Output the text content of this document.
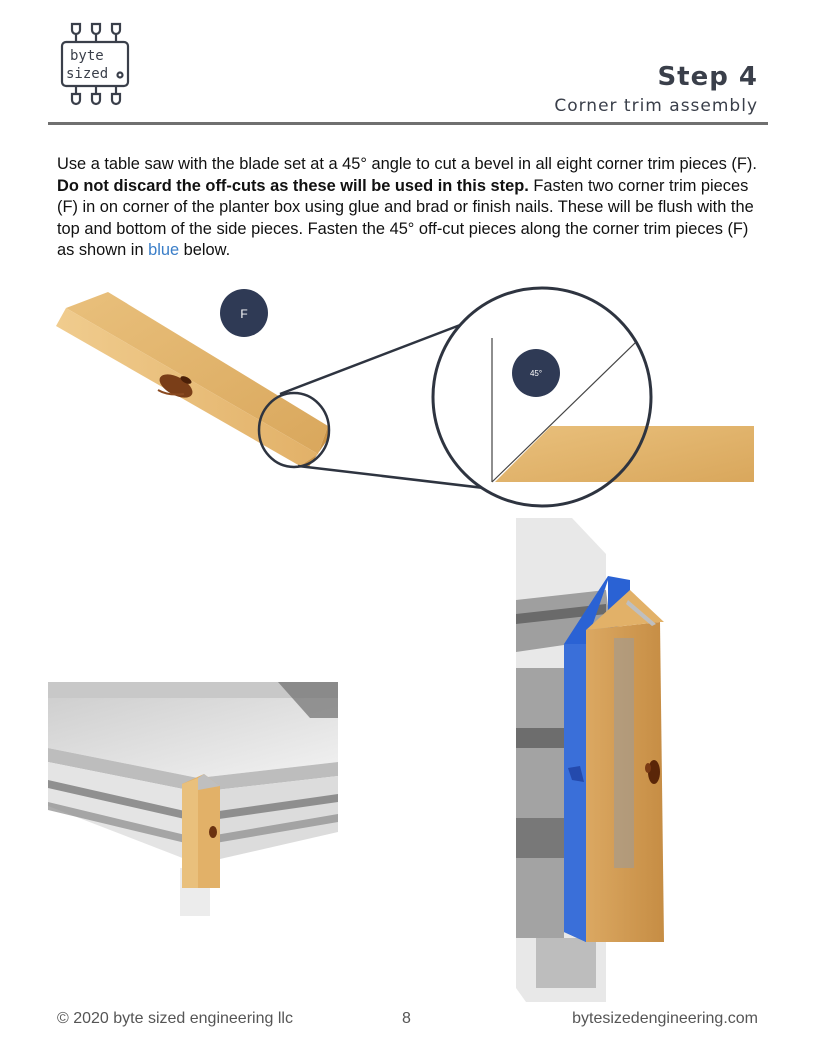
byte
sized	Step 4
Corner trim assembly
Use a table saw with the blade set at a 45° angle to cut a bevel in all eight corner trim pieces (F). Do not discard the off-cuts as these will be used in this step. Fasten two corner trim pieces (F) in on corner of the planter box using glue and brad or finish nails. These will be flush with the top and bottom of the side pieces. Fasten the 45° off-cut pieces along the corner trim pieces (F) as shown in blue below.
F
45°
© 2020 byte sized engineering llc	8	bytesizedengineering.com
